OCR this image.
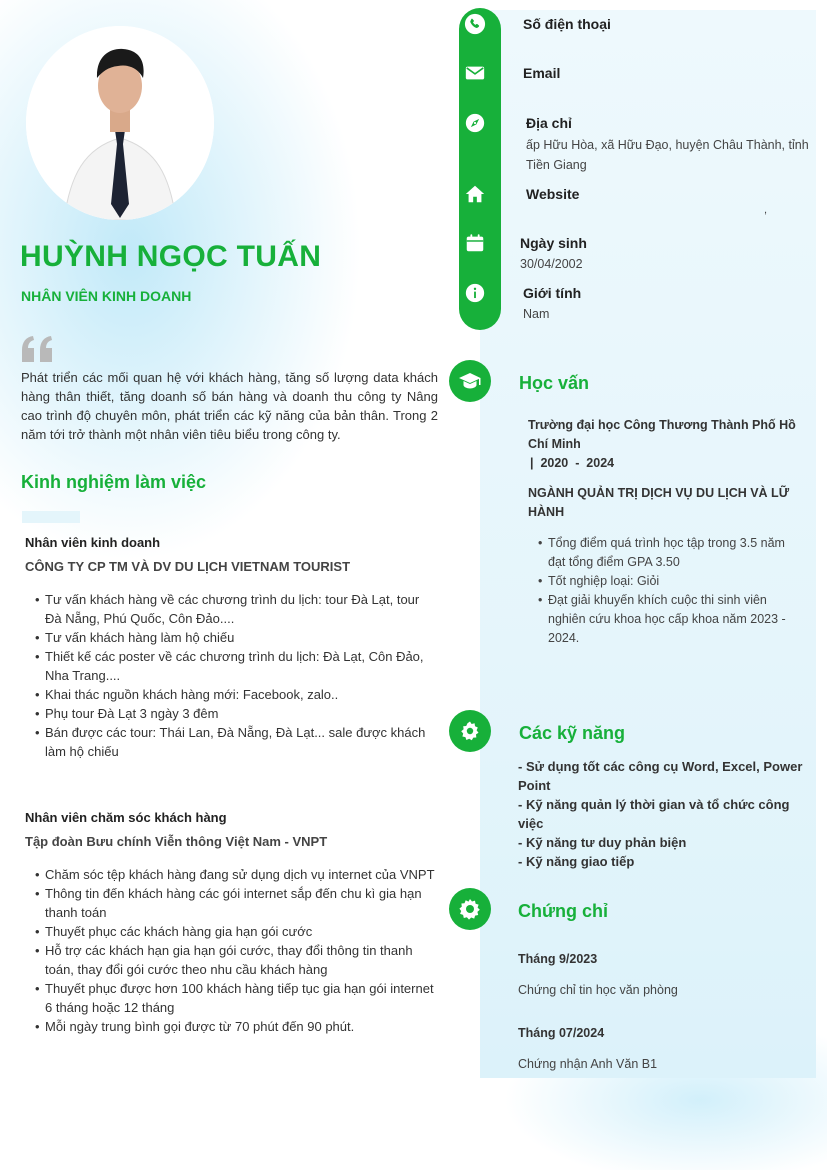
HUỲNH NGỌC TUẤN
NHÂN VIÊN KINH DOANH

Phát triển các mối quan hệ với khách hàng, tăng số lượng data khách hàng thân thiết, tăng doanh số bán hàng và doanh thu công ty Nâng cao trình độ chuyên môn, phát triển các kỹ năng của bản thân. Trong 2 năm tới trở thành một nhân viên tiêu biểu trong công ty.

Kinh nghiệm làm việc
Nhân viên kinh doanh
CÔNG TY CP TM VÀ DV DU LỊCH VIETNAM TOURIST
• Tư vấn khách hàng về các chương trình du lịch: tour Đà Lạt, tour Đà Nẵng, Phú Quốc, Côn Đảo....
• Tư vấn khách hàng làm hộ chiếu
• Thiết kế các poster về các chương trình du lịch: Đà Lạt, Côn Đảo, Nha Trang....
• Khai thác nguồn khách hàng mới: Facebook, zalo..
• Phụ tour Đà Lạt 3 ngày 3 đêm
• Bán được các tour: Thái Lan, Đà Nẵng, Đà Lạt... sale được khách làm hộ chiếu
Nhân viên chăm sóc khách hàng
Tập đoàn Bưu chính Viễn thông Việt Nam - VNPT
• Chăm sóc tệp khách hàng đang sử dụng dịch vụ internet của VNPT
• Thông tin đến khách hàng các gói internet sắp đến chu kì gia hạn thanh toán
• Thuyết phục các khách hàng gia hạn gói cước
• Hỗ trợ các khách hạn gia hạn gói cước, thay đổi thông tin thanh toán, thay đổi gói cước theo nhu cầu khách hàng
• Thuyết phục được hơn 100 khách hàng tiếp tục gia hạn gói internet 6 tháng hoặc 12 tháng
• Mỗi ngày trung bình gọi được từ 70 phút đến 90 phút.
Số điện thoại
Email
Địa chỉ
ấp Hữu Hòa, xã Hữu Đạo, huyện Châu Thành, tỉnh Tiền Giang
Website
,
Ngày sinh
30/04/2002
Giới tính
Nam
Học vấn
Trường đại học Công Thương Thành Phố Hồ Chí Minh
|  2020  -  2024
NGÀNH QUẢN TRỊ DỊCH VỤ DU LỊCH VÀ LỮ HÀNH
• Tổng điểm quá trình học tập trong 3.5 năm đạt tổng điểm GPA 3.50
• Tốt nghiệp loại: Giỏi
• Đạt giải khuyến khích cuộc thi sinh viên nghiên cứu khoa học cấp khoa năm 2023 - 2024.
Các kỹ năng
- Sử dụng tốt các công cụ Word, Excel, Power Point
- Kỹ năng quản lý thời gian và tổ chức công việc
- Kỹ năng tư duy phản biện
- Kỹ năng giao tiếp
Chứng chỉ
Tháng 9/2023
Chứng chỉ tin học văn phòng
Tháng 07/2024
Chứng nhận Anh Văn B1
